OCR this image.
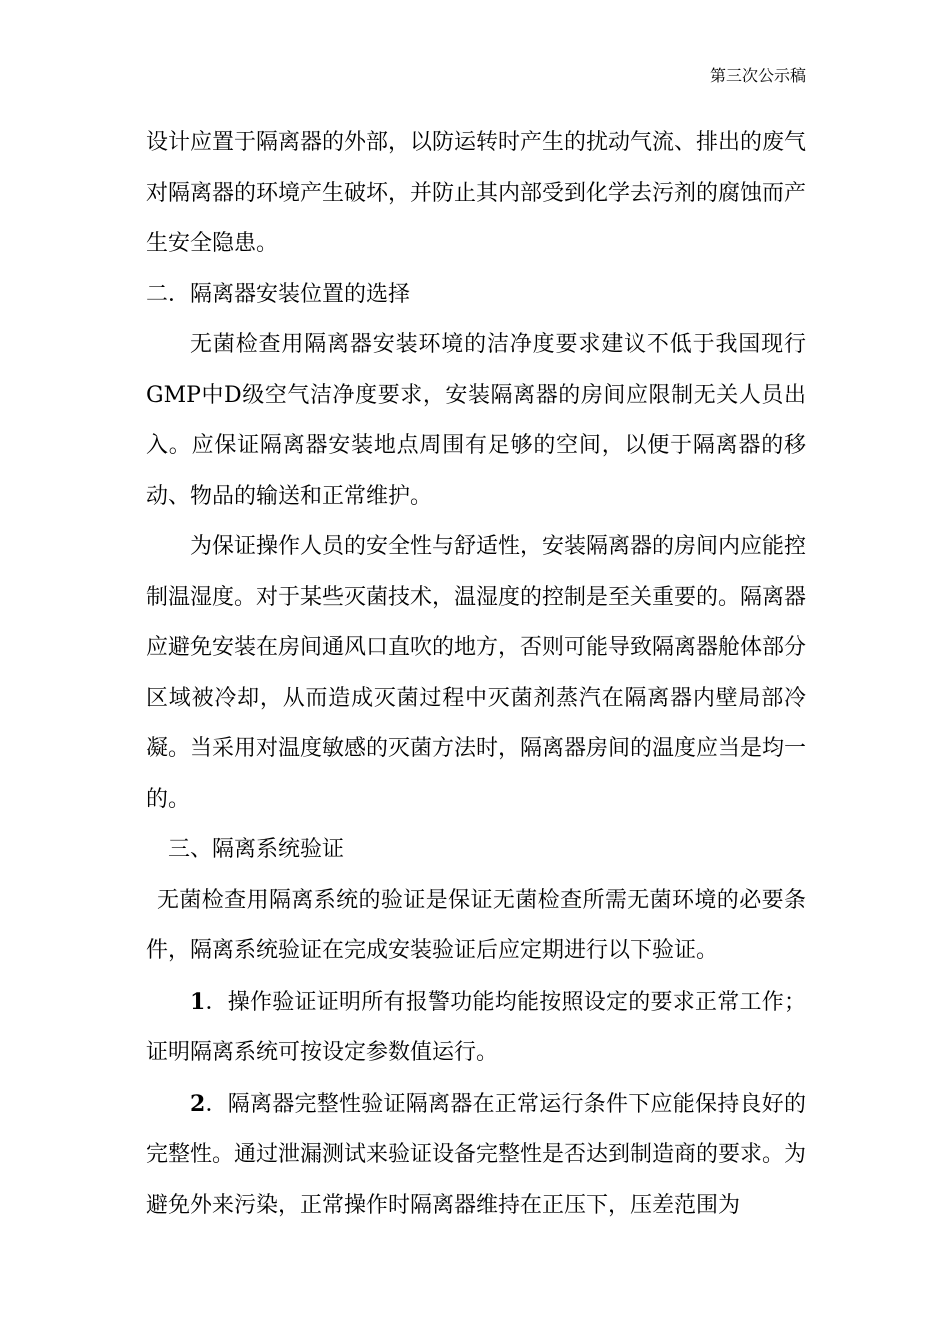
第三次公示稿

设计应置于隔离器的外部，以防运转时产生的扰动气流、排出的废气对隔离器的环境产生破坏，并防止其内部受到化学去污剂的腐蚀而产生安全隐患。

二．隔离器安装位置的选择

无菌检查用隔离器安装环境的洁净度要求建议不低于我国现行GMP中D级空气洁净度要求，安装隔离器的房间应限制无关人员出入。应保证隔离器安装地点周围有足够的空间，以便于隔离器的移动、物品的输送和正常维护。

为保证操作人员的安全性与舒适性，安装隔离器的房间内应能控制温湿度。对于某些灭菌技术，温湿度的控制是至关重要的。隔离器应避免安装在房间通风口直吹的地方，否则可能导致隔离器舱体部分区域被冷却，从而造成灭菌过程中灭菌剂蒸汽在隔离器内壁局部冷凝。当采用对温度敏感的灭菌方法时，隔离器房间的温度应当是均一的。

三、隔离系统验证

无菌检查用隔离系统的验证是保证无菌检查所需无菌环境的必要条件，隔离系统验证在完成安装验证后应定期进行以下验证。

1．操作验证证明所有报警功能均能按照设定的要求正常工作；证明隔离系统可按设定参数值运行。

2．隔离器完整性验证隔离器在正常运行条件下应能保持良好的完整性。通过泄漏测试来验证设备完整性是否达到制造商的要求。为避免外来污染，正常操作时隔离器维持在正压下，压差范围为
